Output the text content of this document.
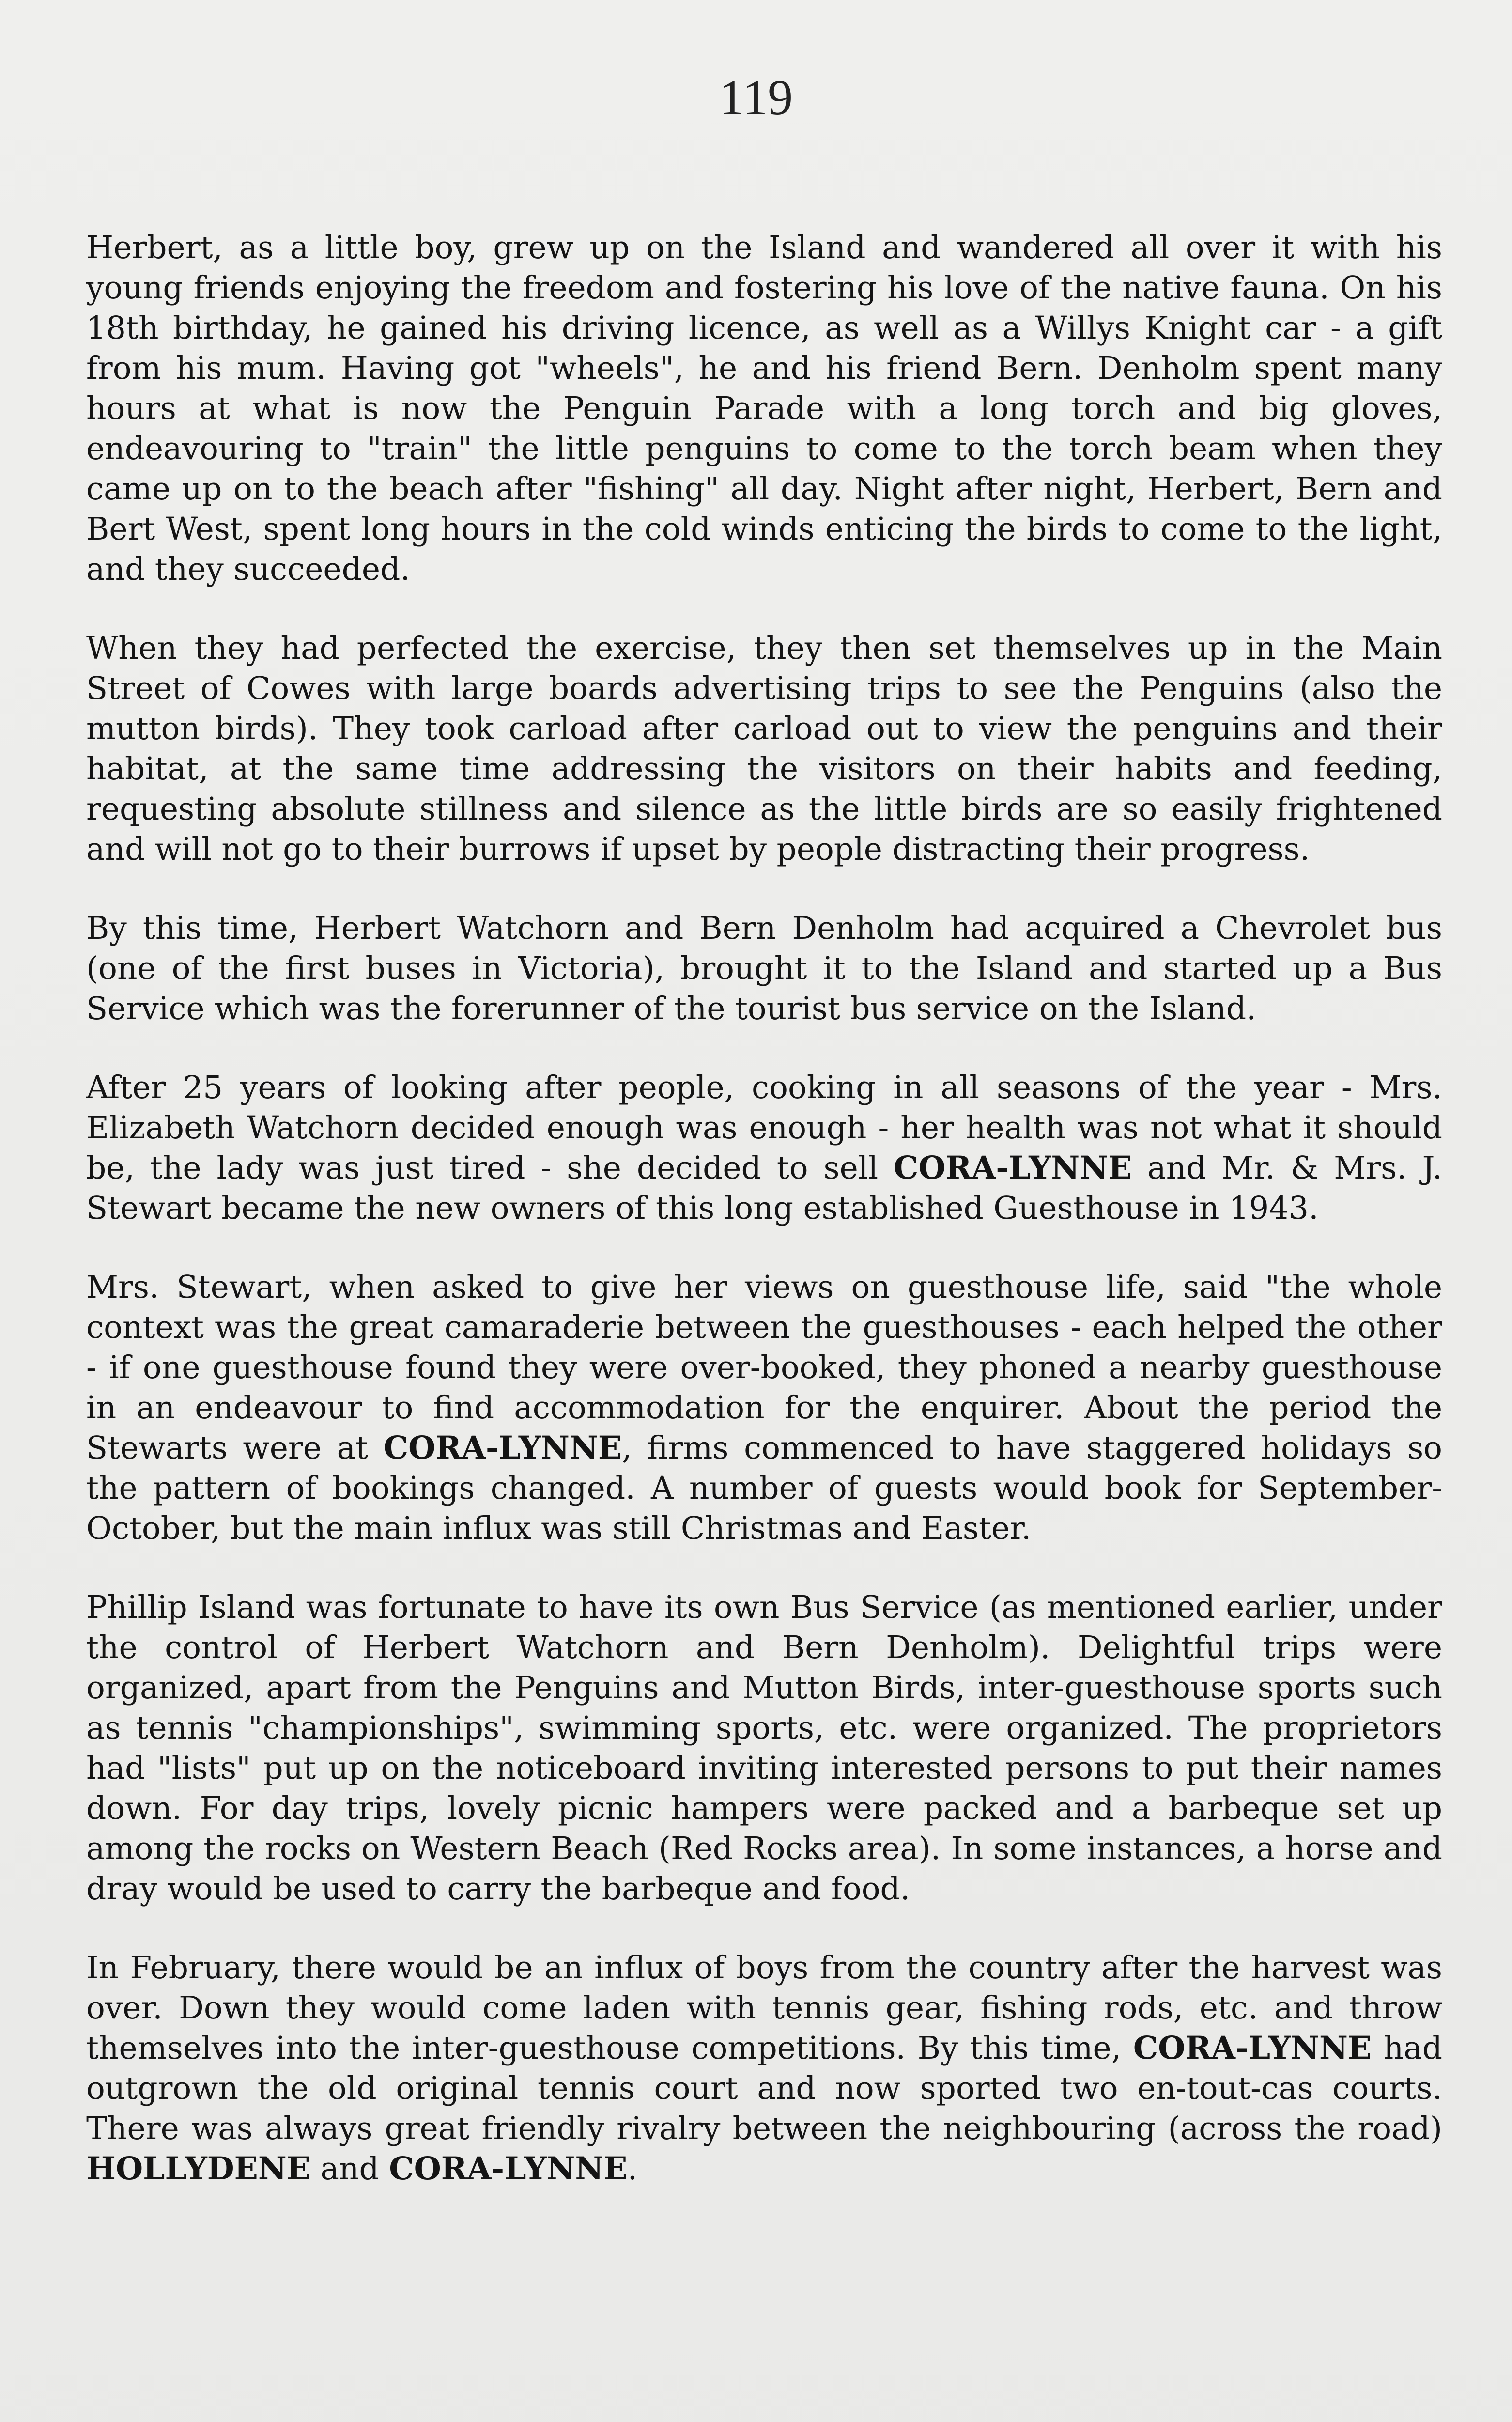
119

Herbert, as a little boy, grew up on the Island and wandered all over it with his young friends enjoying the freedom and fostering his love of the native fauna. On his 18th birthday, he gained his driving licence, as well as a Willys Knight car - a gift from his mum. Having got "wheels", he and his friend Bern. Denholm spent many hours at what is now the Penguin Parade with a long torch and big gloves, endeavouring to "train" the little penguins to come to the torch beam when they came up on to the beach after "fishing" all day. Night after night, Herbert, Bern and Bert West, spent long hours in the cold winds enticing the birds to come to the light, and they succeeded.

When they had perfected the exercise, they then set themselves up in the Main Street of Cowes with large boards advertising trips to see the Penguins (also the mutton birds). They took carload after carload out to view the penguins and their habitat, at the same time addressing the visitors on their habits and feeding, requesting absolute stillness and silence as the little birds are so easily frightened and will not go to their burrows if upset by people distracting their progress.

By this time, Herbert Watchorn and Bern Denholm had acquired a Chevrolet bus (one of the first buses in Victoria), brought it to the Island and started up a Bus Service which was the forerunner of the tourist bus service on the Island.

After 25 years of looking after people, cooking in all seasons of the year - Mrs. Elizabeth Watchorn decided enough was enough - her health was not what it should be, the lady was just tired - she decided to sell CORA-LYNNE and Mr. & Mrs. J. Stewart became the new owners of this long established Guesthouse in 1943.

Mrs. Stewart, when asked to give her views on guesthouse life, said "the whole context was the great camaraderie between the guesthouses - each helped the other - if one guesthouse found they were over-booked, they phoned a nearby guesthouse in an endeavour to find accommodation for the enquirer. About the period the Stewarts were at CORA-LYNNE, firms commenced to have staggered holidays so the pattern of bookings changed. A number of guests would book for September-October, but the main influx was still Christmas and Easter.

Phillip Island was fortunate to have its own Bus Service (as mentioned earlier, under the control of Herbert Watchorn and Bern Denholm). Delightful trips were organized, apart from the Penguins and Mutton Birds, inter-guesthouse sports such as tennis "championships", swimming sports, etc. were organized. The proprietors had "lists" put up on the noticeboard inviting interested persons to put their names down. For day trips, lovely picnic hampers were packed and a barbeque set up among the rocks on Western Beach (Red Rocks area). In some instances, a horse and dray would be used to carry the barbeque and food.

In February, there would be an influx of boys from the country after the harvest was over. Down they would come laden with tennis gear, fishing rods, etc. and throw themselves into the inter-guesthouse competitions. By this time, CORA-LYNNE had outgrown the old original tennis court and now sported two en-tout-cas courts. There was always great friendly rivalry between the neighbouring (across the road) HOLLYDENE and CORA-LYNNE.
